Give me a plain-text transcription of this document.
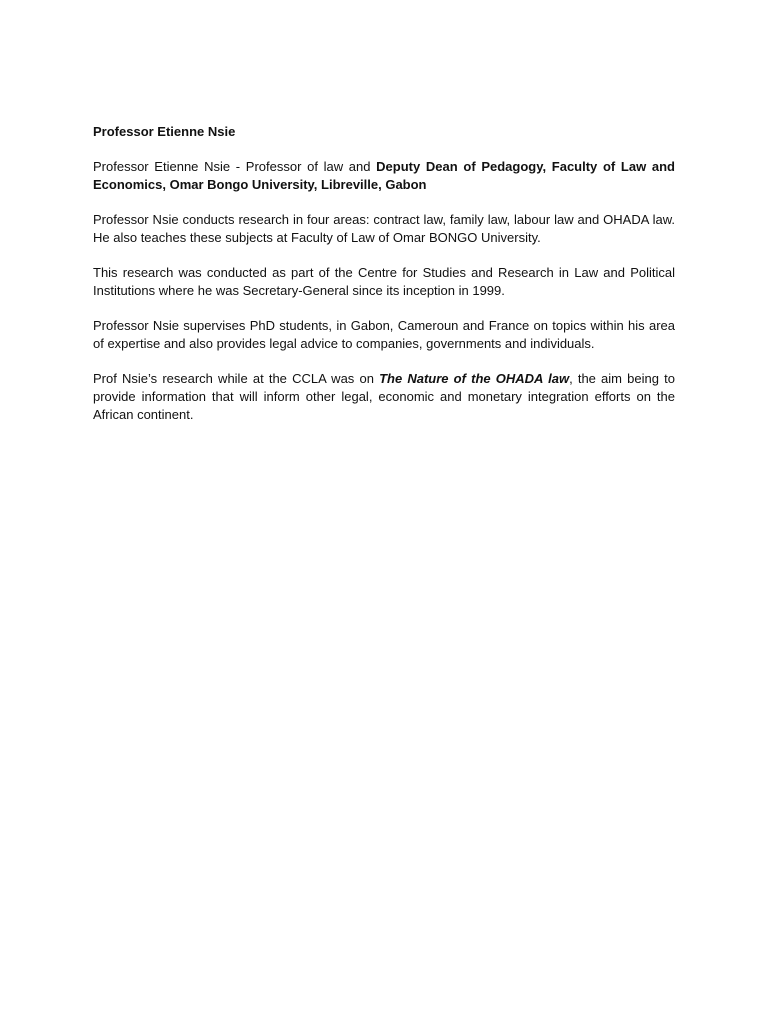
Professor Etienne Nsie

Professor Etienne Nsie - Professor of law and Deputy Dean of Pedagogy, Faculty of Law and Economics, Omar Bongo University, Libreville, Gabon

Professor Nsie conducts research in four areas: contract law, family law, labour law and OHADA law. He also teaches these subjects at Faculty of Law of Omar BONGO University.

This research was conducted as part of the Centre for Studies and Research in Law and Political Institutions where he was Secretary-General since its inception in 1999.

Professor Nsie supervises PhD students, in Gabon, Cameroun and France on topics within his area of expertise and also provides legal advice to companies, governments and individuals.

Prof Nsie’s research while at the CCLA was on The Nature of the OHADA law, the aim being to provide information that will inform other legal, economic and monetary integration efforts on the African continent.
